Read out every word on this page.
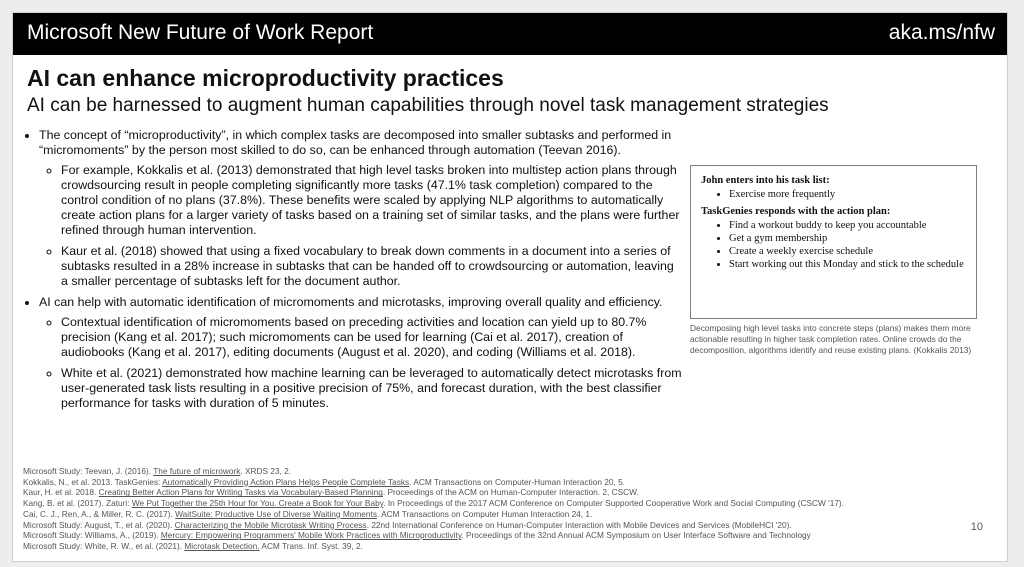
Microsoft New Future of Work Report	aka.ms/nfw
AI can enhance microproductivity practices
AI can be harnessed to augment human capabilities through novel task management strategies
• The concept of “microproductivity”, in which complex tasks are decomposed into smaller subtasks and performed in “micromoments” by the person most skilled to do so, can be enhanced through automation (Teevan 2016).
◦ For example, Kokkalis et al. (2013) demonstrated that high level tasks broken into multistep action plans through crowdsourcing result in people completing significantly more tasks (47.1% task completion) compared to the control condition of no plans (37.8%). These benefits were scaled by applying NLP algorithms to automatically create action plans for a larger variety of tasks based on a training set of similar tasks, and the plans were further refined through human intervention.
◦ Kaur et al. (2018) showed that using a fixed vocabulary to break down comments in a document into a series of subtasks resulted in a 28% increase in subtasks that can be handed off to crowdsourcing or automation, leaving a smaller percentage of subtasks left for the document author.
• AI can help with automatic identification of micromoments and microtasks, improving overall quality and efficiency.
◦ Contextual identification of micromoments based on preceding activities and location can yield up to 80.7% precision (Kang et al. 2017); such micromoments can be used for learning (Cai et al. 2017), creation of audiobooks (Kang et al. 2017), editing documents (August et al. 2020), and coding (Williams et al. 2018).
◦ White et al. (2021) demonstrated how machine learning can be leveraged to automatically detect microtasks from user-generated task lists resulting in a positive precision of 75%, and forecast duration, with the best classifier performance for tasks with duration of 5 minutes.
John enters into his task list:
• Exercise more frequently
TaskGenies responds with the action plan:
• Find a workout buddy to keep you accountable
• Get a gym membership
• Create a weekly exercise schedule
• Start working out this Monday and stick to the schedule
Decomposing high level tasks into concrete steps (plans) makes them more actionable resulting in higher task completion rates. Online crowds do the decomposition, algorithms identify and reuse existing plans. (Kokkalis 2013)
Microsoft Study: Teevan, J. (2016). The future of microwork. XRDS 23, 2.
Kokkalis, N., et al. 2013. TaskGenies: Automatically Providing Action Plans Helps People Complete Tasks. ACM Transactions on Computer-Human Interaction 20, 5.
Kaur, H. et al. 2018. Creating Better Action Plans for Writing Tasks via Vocabulary-Based Planning. Proceedings of the ACM on Human-Computer Interaction. 2, CSCW.
Kang, B. et al. (2017). Zaturi: We Put Together the 25th Hour for You. Create a Book for Your Baby. In Proceedings of the 2017 ACM Conference on Computer Supported Cooperative Work and Social Computing (CSCW '17).
Cai, C. J., Ren, A., & Miller, R. C. (2017). WaitSuite: Productive Use of Diverse Waiting Moments. ACM Transactions on Computer Human Interaction 24, 1.
Microsoft Study: August, T., et al. (2020). Characterizing the Mobile Microtask Writing Process. 22nd International Conference on Human-Computer Interaction with Mobile Devices and Services (MobileHCI '20).
Microsoft Study: Williams, A., (2019). Mercury: Empowering Programmers' Mobile Work Practices with Microproductivity. Proceedings of the 32nd Annual ACM Symposium on User Interface Software and Technology
Microsoft Study: White, R. W., et al. (2021). Microtask Detection. ACM Trans. Inf. Syst. 39, 2.
10
